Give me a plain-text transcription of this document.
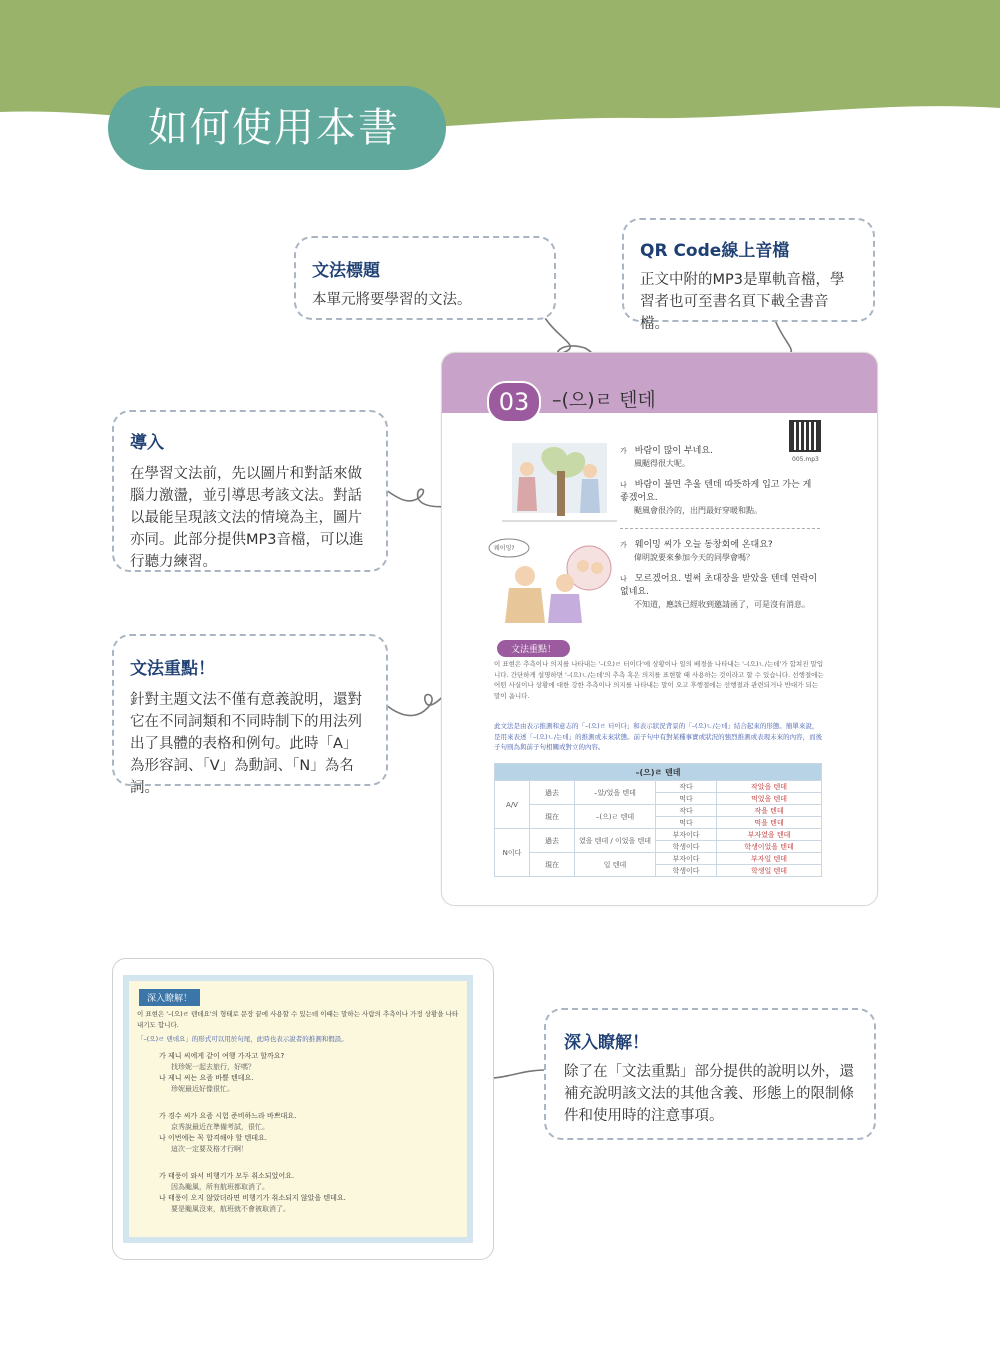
如何使用本書
文法標題

本單元將要學習的文法。

QR Code線上音檔

正文中附的MP3是單軌音檔，學習者也可至書名頁下載全書音檔。

導入

在學習文法前，先以圖片和對話來做腦力激盪，並引導思考該文法。對話以最能呈現該文法的情境為主，圖片亦同。此部分提供MP3音檔，可以進行聽力練習。

文法重點！

針對主題文法不僅有意義說明，還對它在不同詞類和不同時制下的用法列出了具體的表格和例句。此時「A」為形容詞、「V」為動詞、「N」為名詞。

深入瞭解！

除了在「文法重點」部分提供的說明以外，還補充說明該文法的其他含義、形態上的限制條件和使用時的注意事項。

03	–(으)ㄹ 텐데
005.mp3
웨이밍?
가 바람이 많이 부네요.
風颳得很大呢。
나 바람이 불면 추울 텐데 따뜻하게 입고 가는 게 좋겠어요.
颳風會很冷的，出門最好穿暖和點。
가 웨이밍 씨가 오늘 동창회에 온대요?
偉明說要來參加今天的同學會嗎？
나 모르겠어요. 벌써 초대장을 받았을 텐데 연락이 없네요.
不知道，應該已經收到邀請函了，可是沒有消息。
文法重點！
이 표현은 추측이나 의지를 나타내는 '–(으)ㄹ 터이다'에 상황이나 일의 배경을 나타내는 '–(으)ㄴ/는데'가 합쳐진 말입니다. 간단하게 설명하면 '–(으)ㄴ/는데'의 추측 혹은 의지를 표현할 때 사용하는 것이라고 할 수 있습니다. 선행절에는 어떤 사실이나 상황에 대한 강한 추측이나 의지를 나타내는 말이 오고 후행절에는 선행절과 관련되거나 반대가 되는 말이 옵니다.
此文法是由表示推測和意志的「–(으)ㄹ 터이다」和表示狀況背景的「–(으)ㄴ/는데」結合起來的形態。簡單來說，是用來表述「–(으)ㄴ/는데」的推測或未來狀態。前子句中有對某種事實或狀況的強烈推測或表現未來的內容，而後子句則為與前子句相關或對立的內容。
–(으)ㄹ 텐데				
A/V	過去	–았/었을 텐데	작다	작았을 텐데
			먹다	먹었을 텐데
	現在	–(으)ㄹ 텐데	작다	작을 텐데
			먹다	먹을 텐데
N이다	過去	였을 텐데 / 이었을 텐데	부자이다	부자였을 텐데
			학생이다	학생이었을 텐데
	現在	일 텐데	부자이다	부자일 텐데
			학생이다	학생일 텐데
深入瞭解！
이 표현은 '–(으)ㄹ 텐데요'의 형태로 문장 끝에 사용할 수 있는데 이때는 말하는 사람의 추측이나 가정 상황을 나타내기도 합니다.
「–(으)ㄹ 텐데요」的形式可以用於句尾，此時也表示說者的推測和假設。
가 제니 씨에게 같이 여행 가자고 할까요?
找珍妮一起去旅行，好嗎？
나 제니 씨는 요즘 바쁠 텐데요.
珍妮最近好像很忙。
가 경수 씨가 요즘 시험 준비하느라 바쁘대요.
京秀說最近在準備考試，很忙。
나 이번에는 꼭 합격해야 할 텐데요.
這次一定要及格才行啊！
가 태풍이 와서 비행기가 모두 취소되었어요.
因為颱風，所有航班都取消了。
나 태풍이 오지 않았더라면 비행기가 취소되지 않았을 텐데요.
要是颱風沒來，航班就不會被取消了。
